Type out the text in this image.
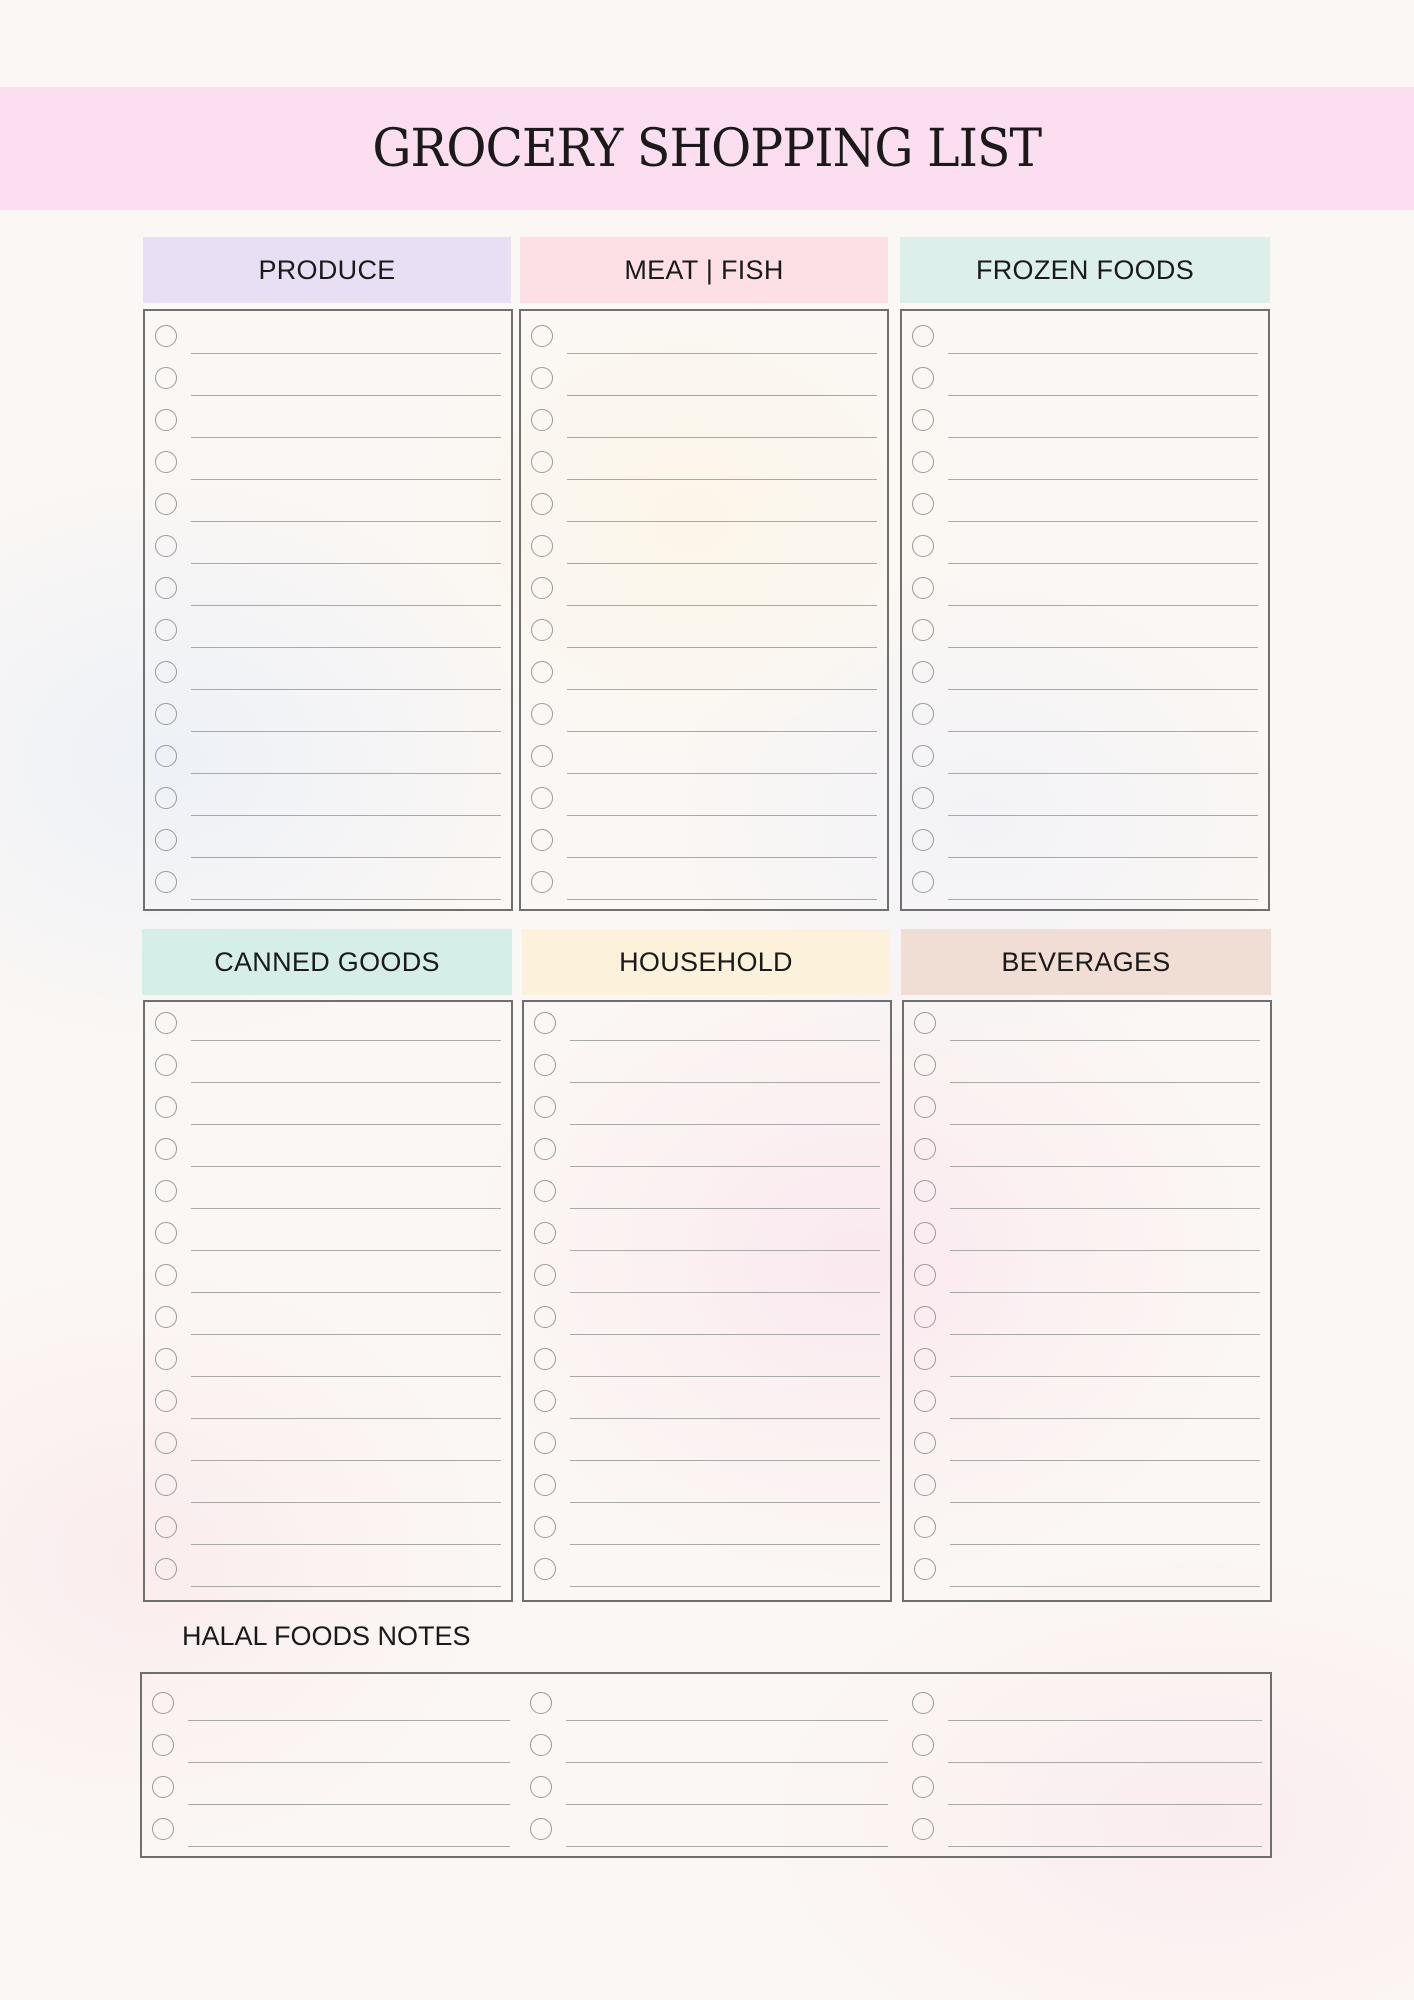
GROCERY SHOPPING LIST
PRODUCE	MEAT | FISH	FROZEN FOODS
CANNED GOODS	HOUSEHOLD	BEVERAGES
HALAL FOODS NOTES
